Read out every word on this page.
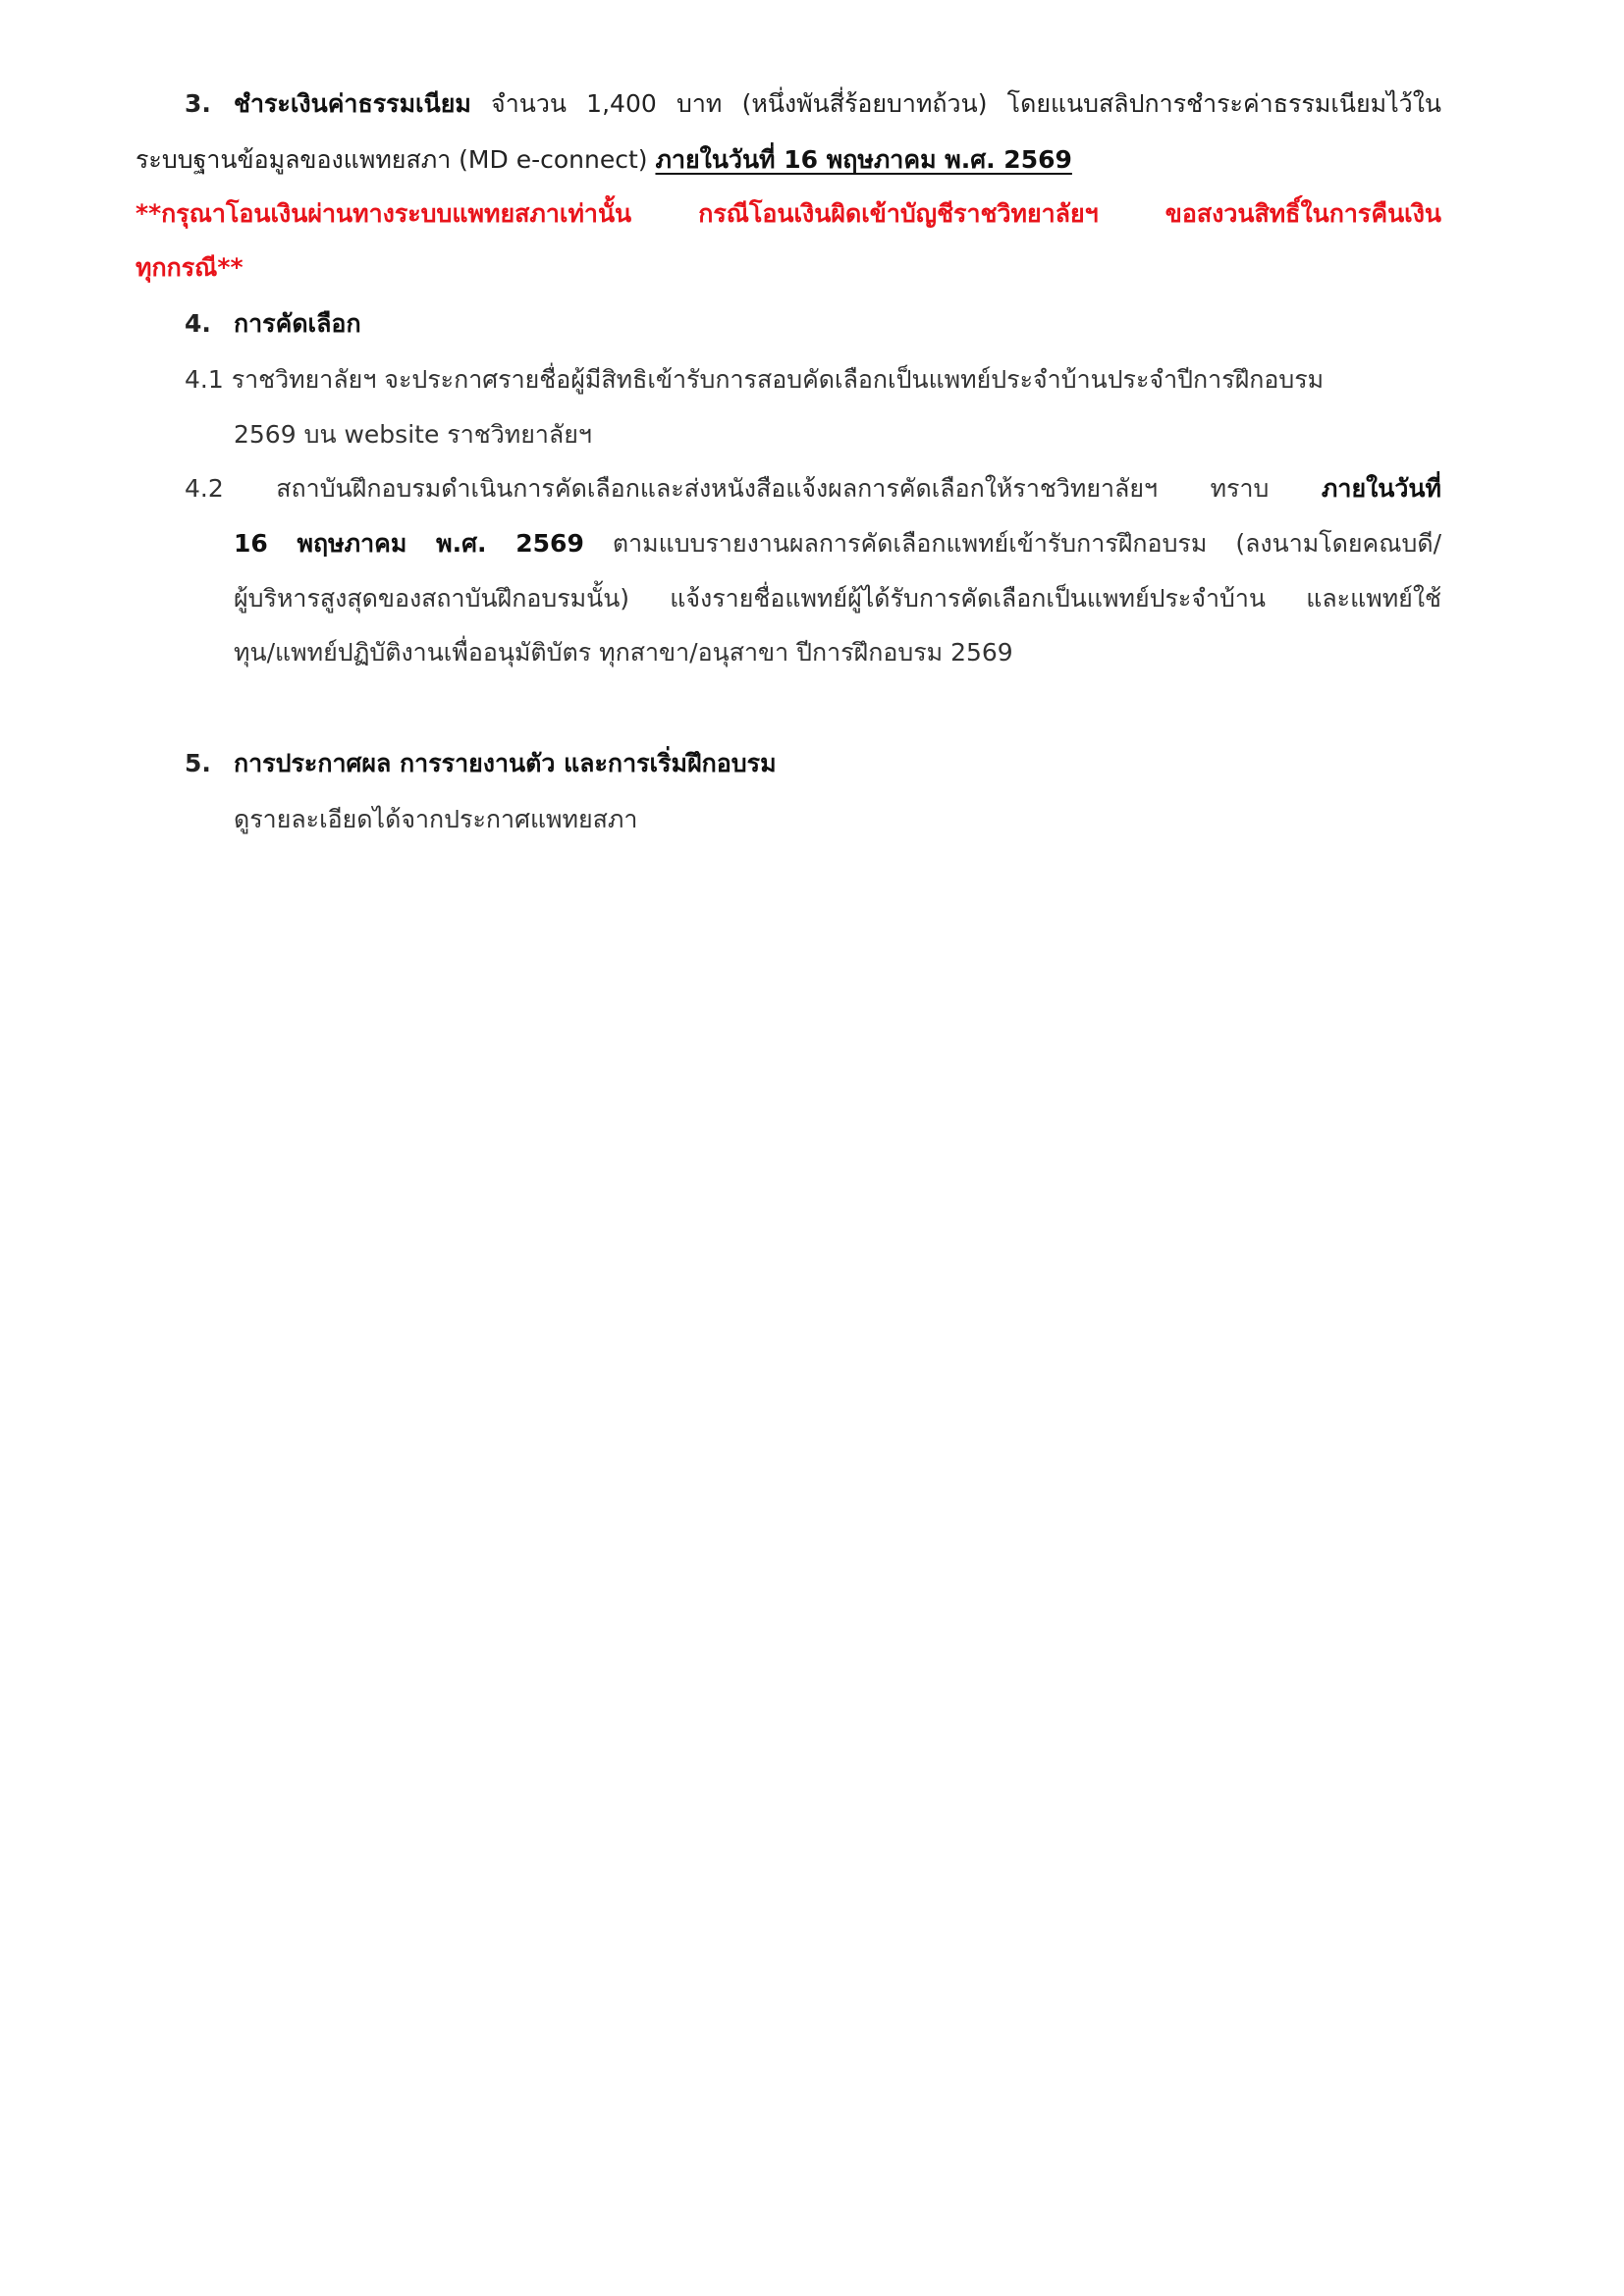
3. ชำระเงินค่าธรรมเนียม จำนวน 1,400 บาท (หนึ่งพันสี่ร้อยบาทถ้วน) โดยแนบสลิปการชำระค่าธรรมเนียมไว้ใน
ระบบฐานข้อมูลของแพทยสภา (MD e-connect) ภายในวันที่ 16 พฤษภาคม พ.ศ. 2569
**กรุณาโอนเงินผ่านทางระบบแพทยสภาเท่านั้น กรณีโอนเงินผิดเข้าบัญชีราชวิทยาลัยฯ ขอสงวนสิทธิ์ในการคืนเงิน
ทุกกรณี**
4. การคัดเลือก
4.1 ราชวิทยาลัยฯ จะประกาศรายชื่อผู้มีสิทธิเข้ารับการสอบคัดเลือกเป็นแพทย์ประจำบ้านประจำปีการฝึกอบรม
2569 บน website ราชวิทยาลัยฯ
4.2 สถาบันฝึกอบรมดำเนินการคัดเลือกและส่งหนังสือแจ้งผลการคัดเลือกให้ราชวิทยาลัยฯ ทราบ ภายในวันที่
16 พฤษภาคม พ.ศ. 2569 ตามแบบรายงานผลการคัดเลือกแพทย์เข้ารับการฝึกอบรม (ลงนามโดยคณบดี/
ผู้บริหารสูงสุดของสถาบันฝึกอบรมนั้น) แจ้งรายชื่อแพทย์ผู้ได้รับการคัดเลือกเป็นแพทย์ประจำบ้าน และแพทย์ใช้
ทุน/แพทย์ปฏิบัติงานเพื่ออนุมัติบัตร ทุกสาขา/อนุสาขา ปีการฝึกอบรม 2569
5. การประกาศผล การรายงานตัว และการเริ่มฝึกอบรม
ดูรายละเอียดได้จากประกาศแพทยสภา
